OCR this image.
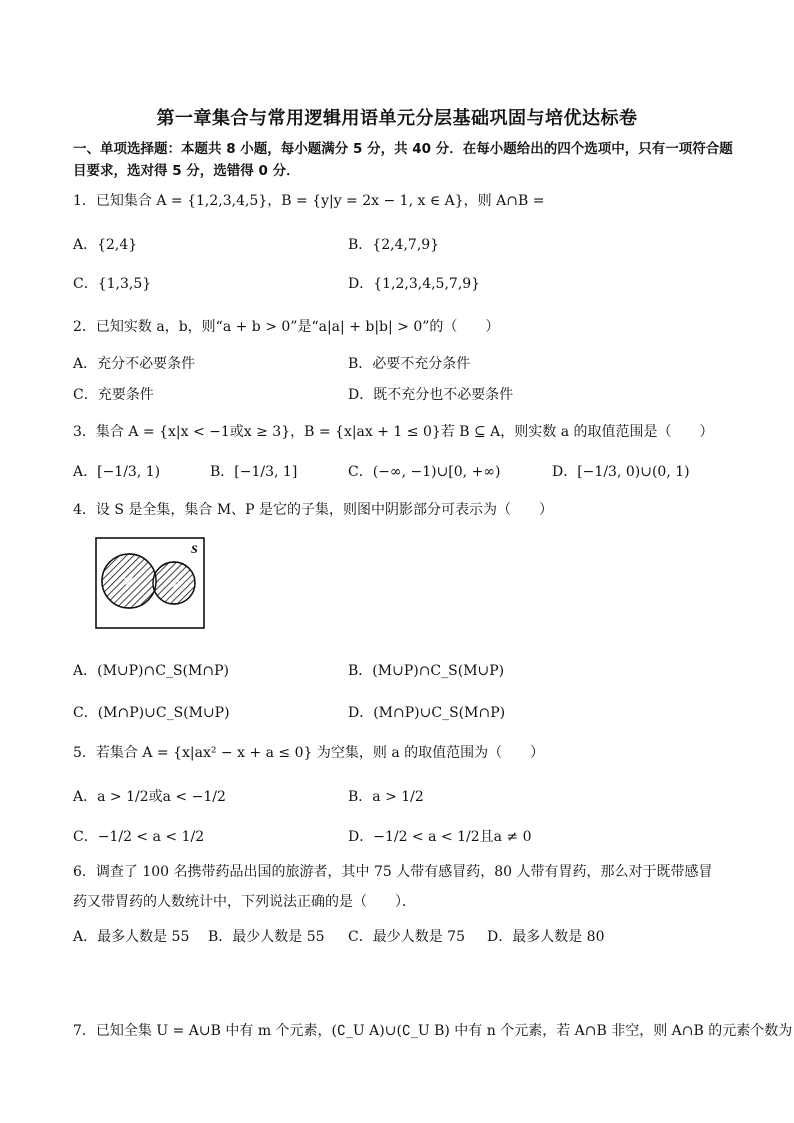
第一章集合与常用逻辑用语单元分层基础巩固与培优达标卷
一、单项选择题：本题共 8 小题，每小题满分 5 分，共 40 分．在每小题给出的四个选项中，只有一项符合题目要求，选对得 5 分，选错得 0 分．
1．已知集合 A = {1,2,3,4,5}，B = {y|y = 2x − 1, x ∈ A}，则 A∩B =
A．{2,4}	B．{2,4,7,9}
C．{1,3,5}	D．{1,2,3,4,5,7,9}
2．已知实数 a，b，则“a + b > 0”是“a|a| + b|b| > 0”的（　　）
A．充分不必要条件	B．必要不充分条件
C．充要条件	D．既不充分也不必要条件
3．集合 A = {x|x < −1或x ≥ 3}，B = {x|ax + 1 ≤ 0}若 B ⊆ A，则实数 a 的取值范围是（　　）
A．[−1/3, 1)	B．[−1/3, 1]	C．(−∞, −1)∪[0, +∞)	D．[−1/3, 0)∪(0, 1)
4．设 S 是全集，集合 M、P 是它的子集，则图中阴影部分可表示为（　　）
S
M	P
A．(M∪P)∩C_S(M∩P)	B．(M∪P)∩C_S(M∪P)
C．(M∩P)∪C_S(M∪P)	D．(M∩P)∪C_S(M∩P)
5．若集合 A = {x|ax² − x + a ≤ 0} 为空集，则 a 的取值范围为（　　）
A．a > 1/2或a < −1/2	B．a > 1/2
C．−1/2 < a < 1/2	D．−1/2 < a < 1/2且a ≠ 0
6．调查了 100 名携带药品出国的旅游者，其中 75 人带有感冒药，80 人带有胃药，那么对于既带感冒药又带胃药的人数统计中，下列说法正确的是（　　）．
A．最多人数是 55 B．最少人数是 55 C．最少人数是 75 D．最多人数是 80
7．已知全集 U = A∪B 中有 m 个元素，(∁_U A)∪(∁_U B) 中有 n 个元素，若 A∩B 非空，则 A∩B 的元素个数为
